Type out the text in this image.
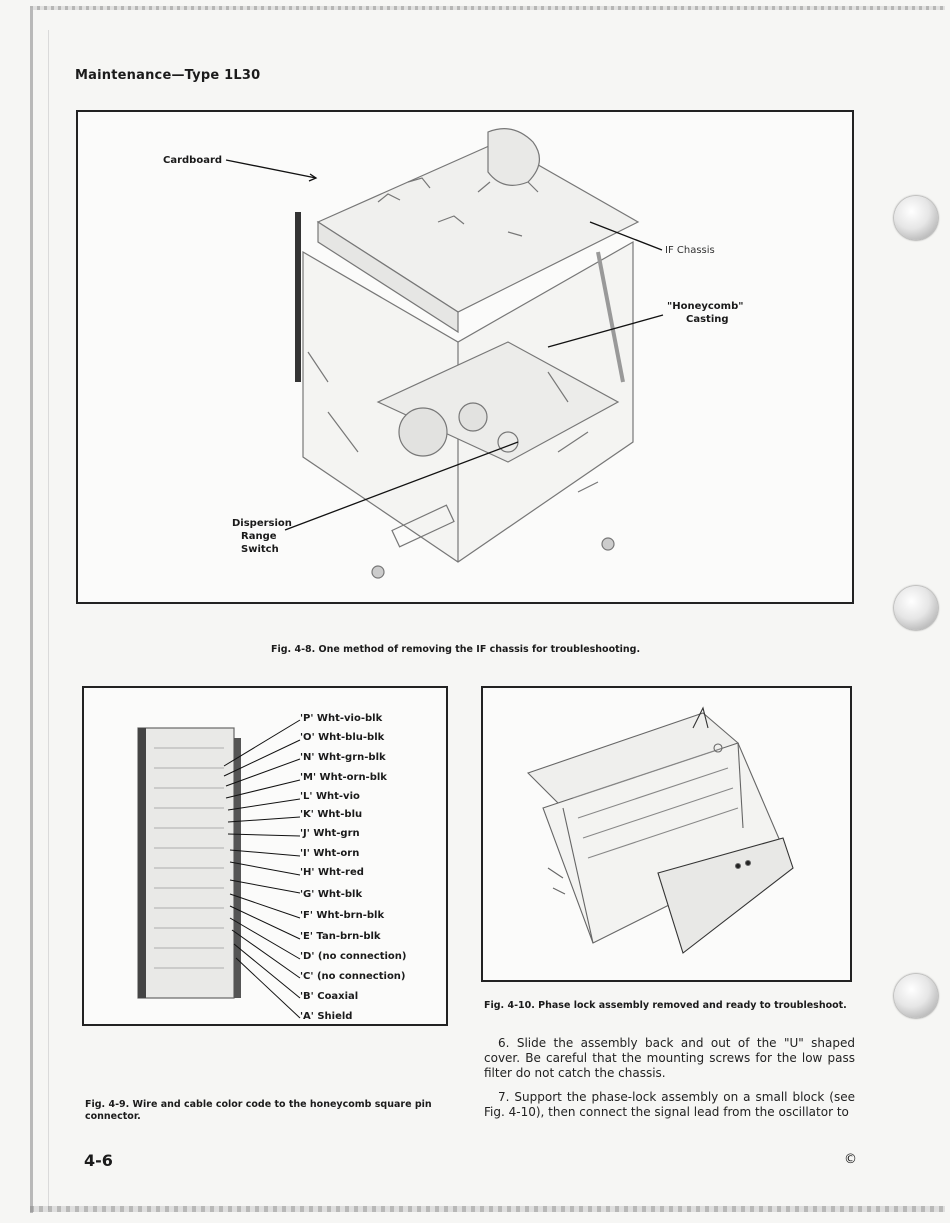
Maintenance—Type 1L30
Cardboard
IF Chassis
"Honeycomb"
Casting
Dispersion
Range
Switch
Fig. 4-8. One method of removing the IF chassis for troubleshooting.
'P' Wht-vio-blk
'O' Wht-blu-blk
'N' Wht-grn-blk
'M' Wht-orn-blk
'L' Wht-vio
'K' Wht-blu
'J' Wht-grn
'I' Wht-orn
'H' Wht-red
'G' Wht-blk
'F' Wht-brn-blk
'E' Tan-brn-blk
'D' (no connection)
'C' (no connection)
'B' Coaxial
'A' Shield
Fig. 4-9. Wire and cable color code to the honeycomb square pin
connector.
Fig. 4-10. Phase lock assembly removed and ready to troubleshoot.
6. Slide the assembly back and out of the "U" shaped cover. Be careful that the mounting screws for the low pass filter do not catch the chassis.
7. Support the phase-lock assembly on a small block (see Fig. 4-10), then connect the signal lead from the oscillator to
4-6	©
